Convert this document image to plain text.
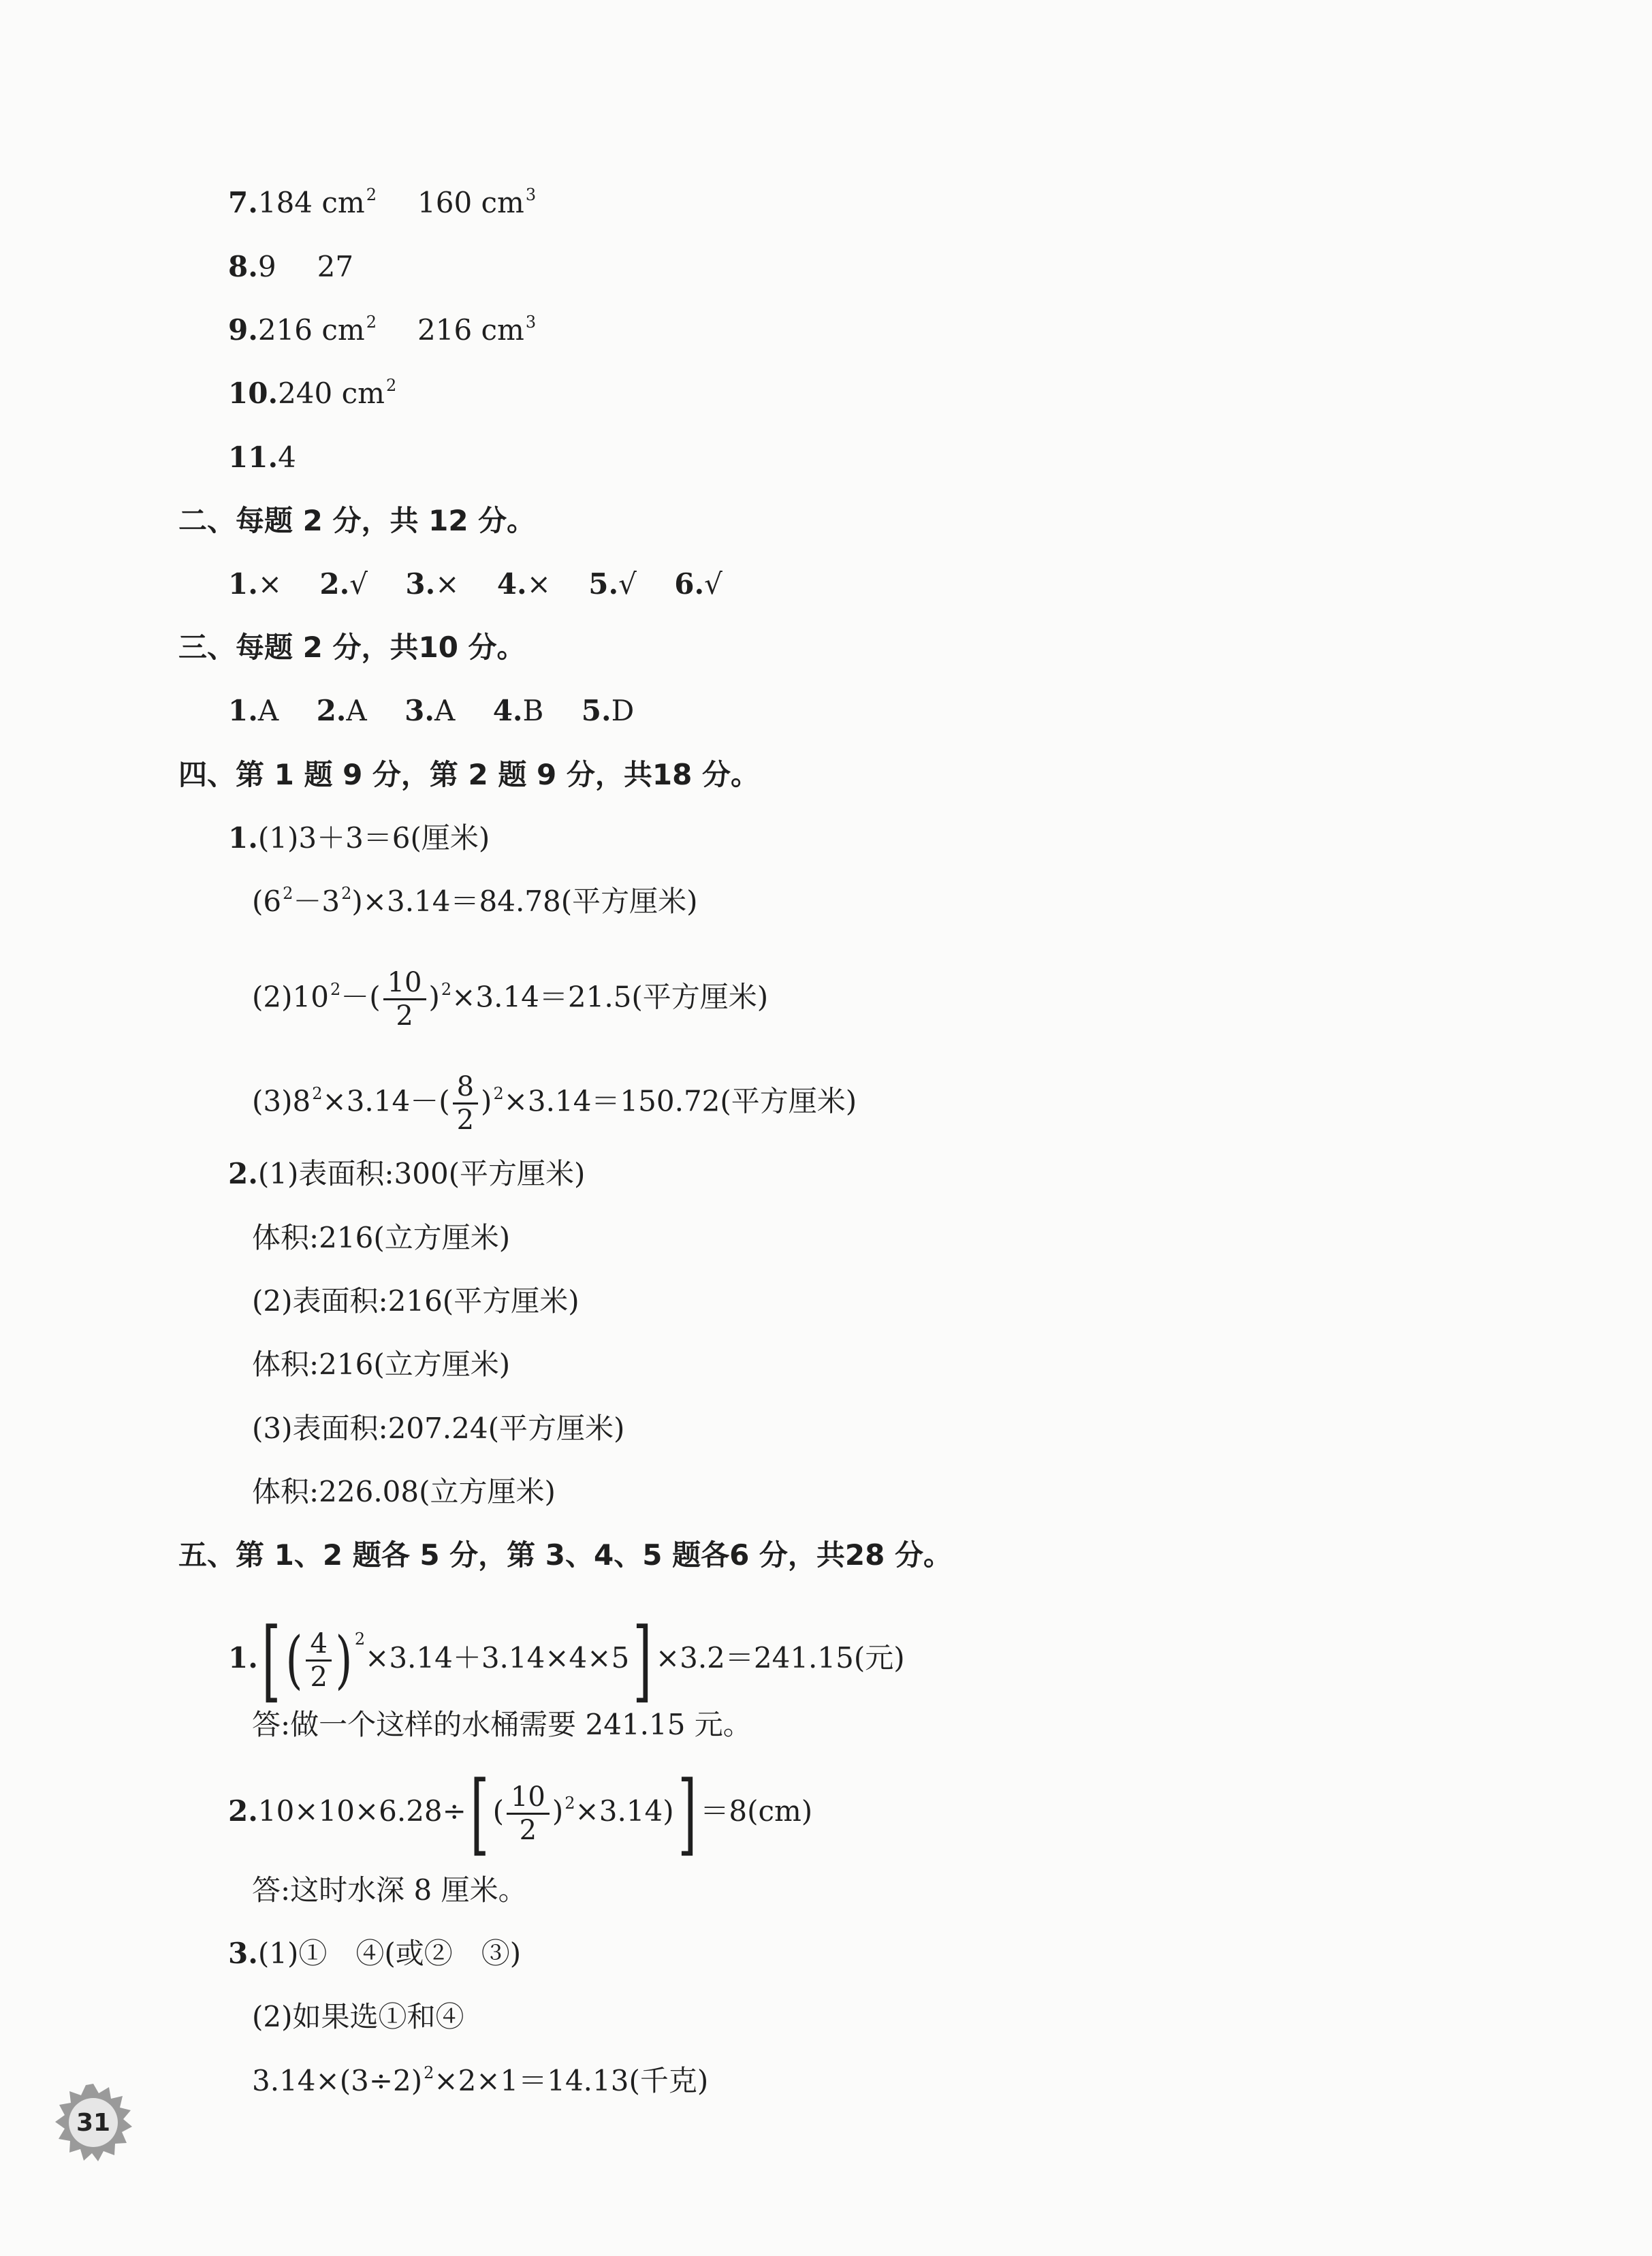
7.184 $cm^2$ 160 $cm^3$
8.9 27
9.216 $cm^2$ 216 $cm^3$
10.240 $cm^2$
11.4
二、每题 2 分，共 12 分。
1.× 2.√ 3.× 4.× 5.√ 6.√
三、每题 2 分，共10 分。
1.A 2.A 3.A 4.B 5.D
四、第 1 题 9 分，第 2 题 9 分，共18 分。
1.(1)3＋3＝6(厘米)
$(6^2-3^2)\times 3.14=84.78$(平方厘米)
$(2)10^2-( \frac{10}{2} )^2\times 3.14=21.5$(平方厘米)
$(3)8^2\times 3.14-( \frac{8}{2} )^2\times 3.14=150.72$(平方厘米)
2.(1)表面积:300(平方厘米)
体积:216(立方厘米)
(2)表面积:216(平方厘米)
体积:216(立方厘米)
(3)表面积:207.24(平方厘米)
体积:226.08(立方厘米)
五、第 1、2 题各 5 分，第 3、4、5 题各6 分，共28 分。
$1.[( \frac{4}{2}$ ) $^2$×3.14＋3.14×4×5] ×3.2＝241.15(元)
答:做一个这样的水桶需要 241.15 元。
2.10×10×6.28÷[ ( $\frac{10}{2} )^2\times 3.14)] =8(cm)$
答:这时水深 8 厘米。
3.(1)①　④(或②　③)
(2)如果选①和④
$3.14\times(3\div 2)^2\times 2\times 1=14.13$(千克)
31
